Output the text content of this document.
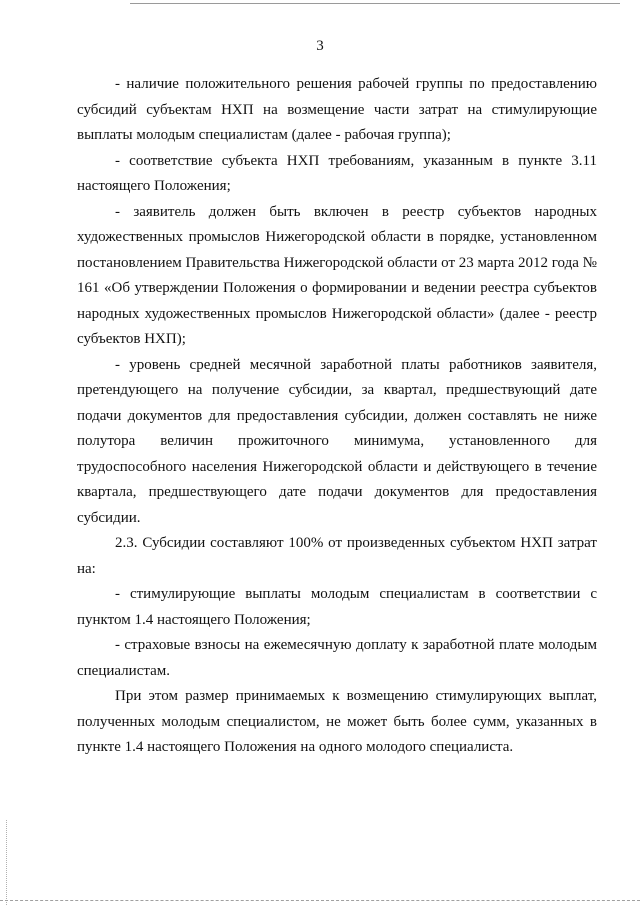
3

- наличие положительного решения рабочей группы по предоставлению субсидий субъектам НХП на возмещение части затрат на стимулирующие выплаты молодым специалистам (далее - рабочая группа);

- соответствие субъекта НХП требованиям, указанным в пункте 3.11 настоящего Положения;

- заявитель должен быть включен в реестр субъектов народных художественных промыслов Нижегородской области в порядке, установленном постановлением Правительства Нижегородской области от 23 марта 2012 года № 161 «Об утверждении Положения о формировании и ведении реестра субъектов народных художественных промыслов Нижегородской области» (далее - реестр субъектов НХП);

- уровень средней месячной заработной платы работников заявителя, претендующего на получение субсидии, за квартал, предшествующий дате подачи документов для предоставления субсидии, должен составлять не ниже полутора величин прожиточного минимума, установленного для трудоспособного населения Нижегородской области и действующего в течение квартала, предшествующего дате подачи документов для предоставления субсидии.

2.3. Субсидии составляют 100% от произведенных субъектом НХП затрат на:

- стимулирующие выплаты молодым специалистам в соответствии с пунктом 1.4 настоящего Положения;

- страховые взносы на ежемесячную доплату к заработной плате молодым специалистам.

При этом размер принимаемых к возмещению стимулирующих выплат, полученных молодым специалистом, не может быть более сумм, указанных в пункте 1.4 настоящего Положения на одного молодого специалиста.
